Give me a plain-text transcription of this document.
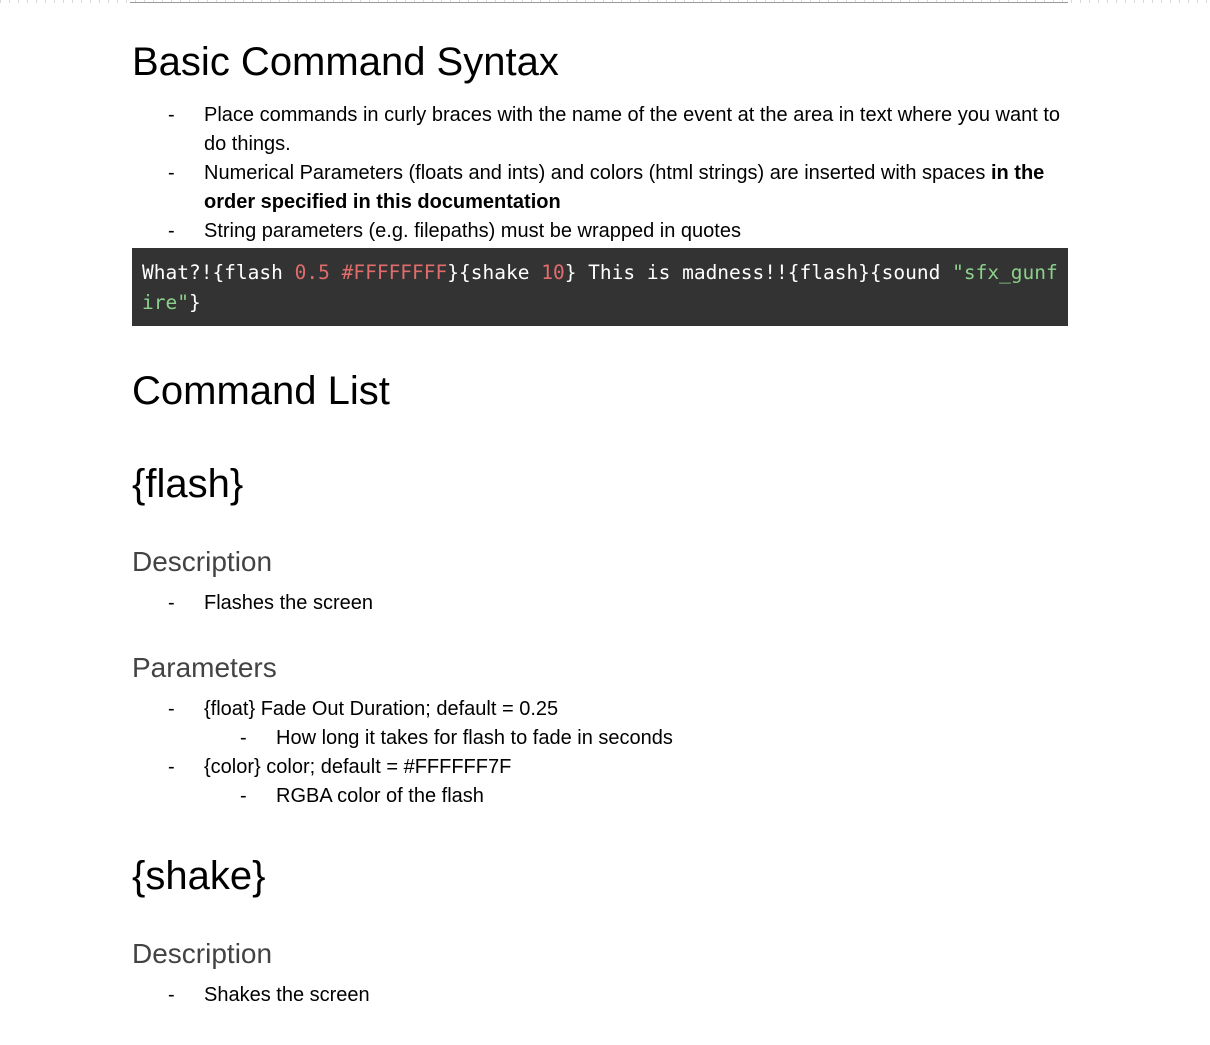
Basic Command Syntax
- Place commands in curly braces with the name of the event at the area in text where you want to do things.
- Numerical Parameters (floats and ints) and colors (html strings) are inserted with spaces in the order specified in this documentation
- String parameters (e.g. filepaths) must be wrapped in quotes
What?!{flash 0.5 #FFFFFFFF}{shake 10} This is madness!!{flash}{sound "sfx_gunfire"}
Command List
{flash}
Description
- Flashes the screen
Parameters
- {float} Fade Out Duration; default = 0.25
- How long it takes for flash to fade in seconds
- {color} color; default = #FFFFFF7F
- RGBA color of the flash
{shake}
Description
- Shakes the screen
